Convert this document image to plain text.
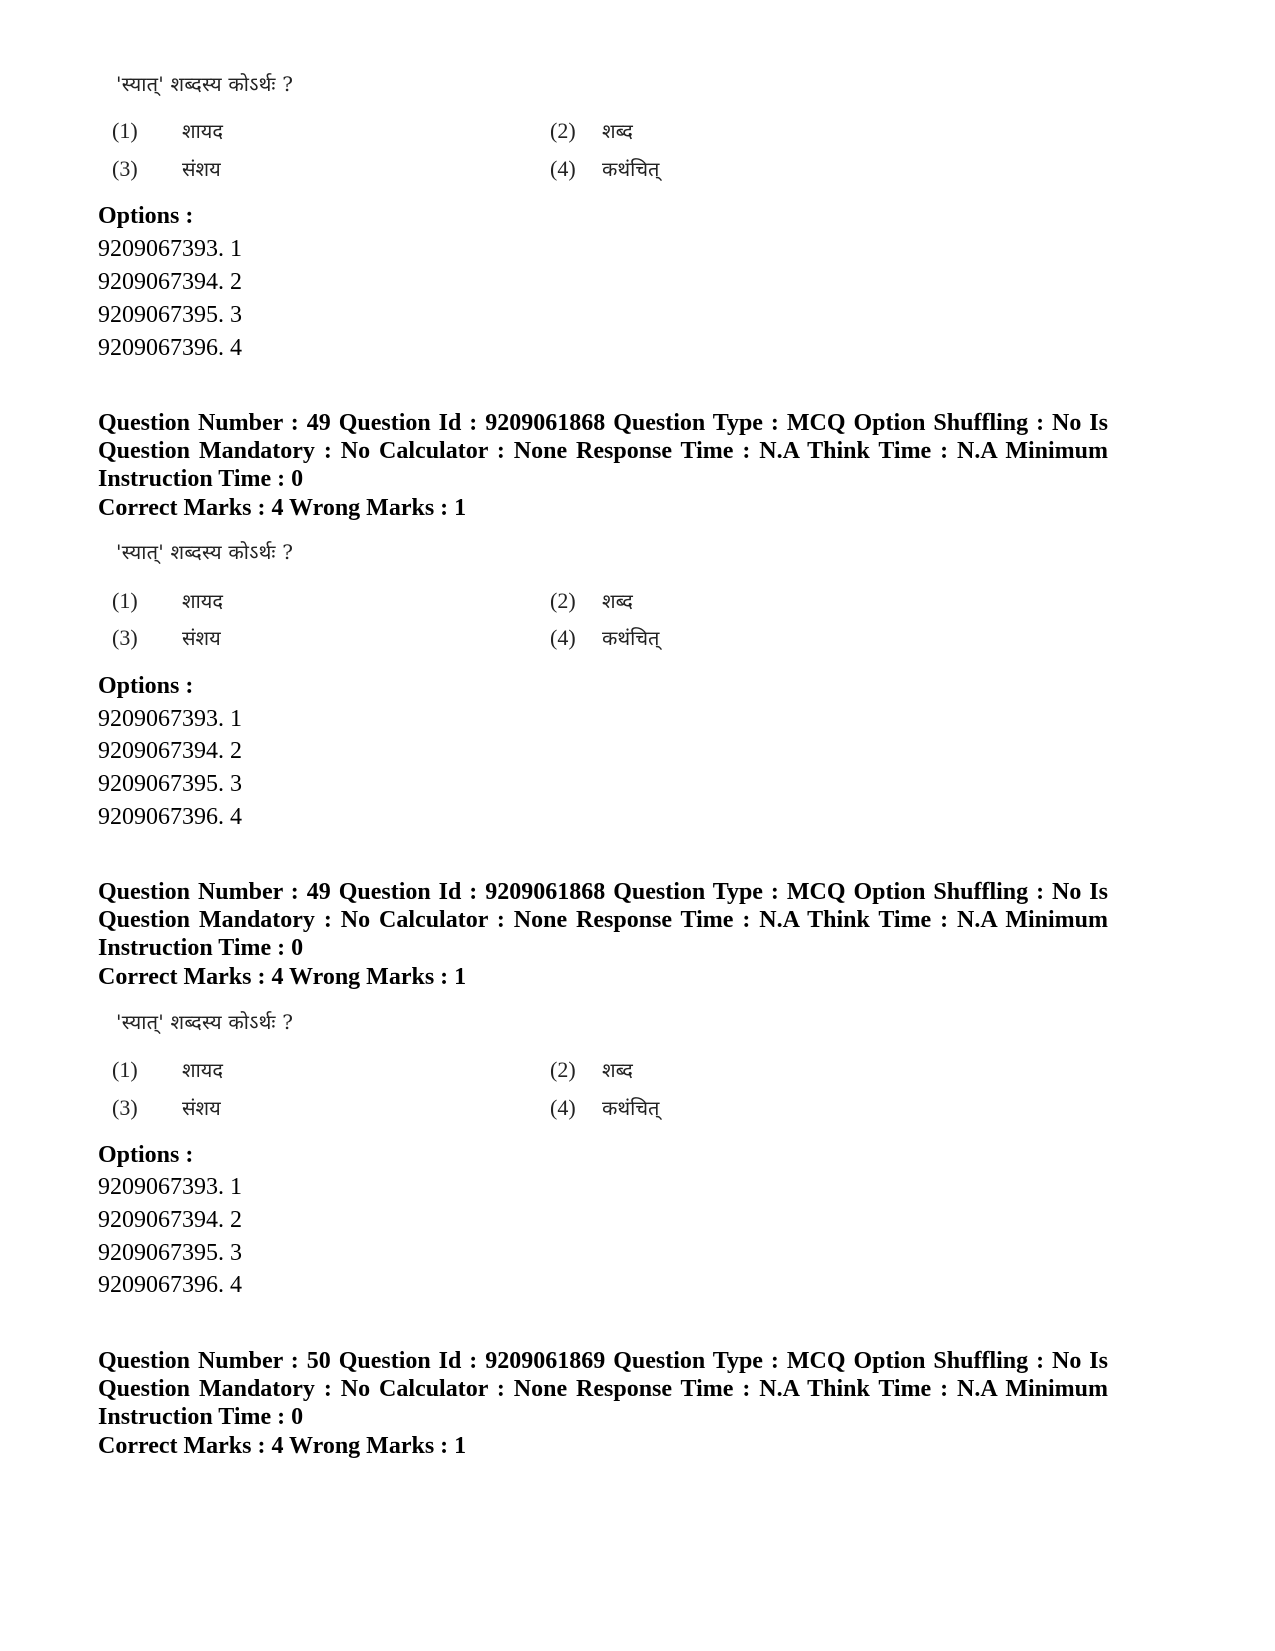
'स्यात्' शब्दस्य कोऽर्थः ?
(1) शायद	(2) शब्द
(3) संशय	(4) कथंचित्
Options :
9209067393. 1
9209067394. 2
9209067395. 3
9209067396. 4
Question Number : 49 Question Id : 9209061868 Question Type : MCQ Option Shuffling : No Is Question Mandatory : No Calculator : None Response Time : N.A Think Time : N.A Minimum Instruction Time : 0
Correct Marks : 4 Wrong Marks : 1
'स्यात्' शब्दस्य कोऽर्थः ?
(1) शायद	(2) शब्द
(3) संशय	(4) कथंचित्
Options :
9209067393. 1
9209067394. 2
9209067395. 3
9209067396. 4
Question Number : 49 Question Id : 9209061868 Question Type : MCQ Option Shuffling : No Is Question Mandatory : No Calculator : None Response Time : N.A Think Time : N.A Minimum Instruction Time : 0
Correct Marks : 4 Wrong Marks : 1
'स्यात्' शब्दस्य कोऽर्थः ?
(1) शायद	(2) शब्द
(3) संशय	(4) कथंचित्
Options :
9209067393. 1
9209067394. 2
9209067395. 3
9209067396. 4
Question Number : 50 Question Id : 9209061869 Question Type : MCQ Option Shuffling : No Is Question Mandatory : No Calculator : None Response Time : N.A Think Time : N.A Minimum Instruction Time : 0
Correct Marks : 4 Wrong Marks : 1
